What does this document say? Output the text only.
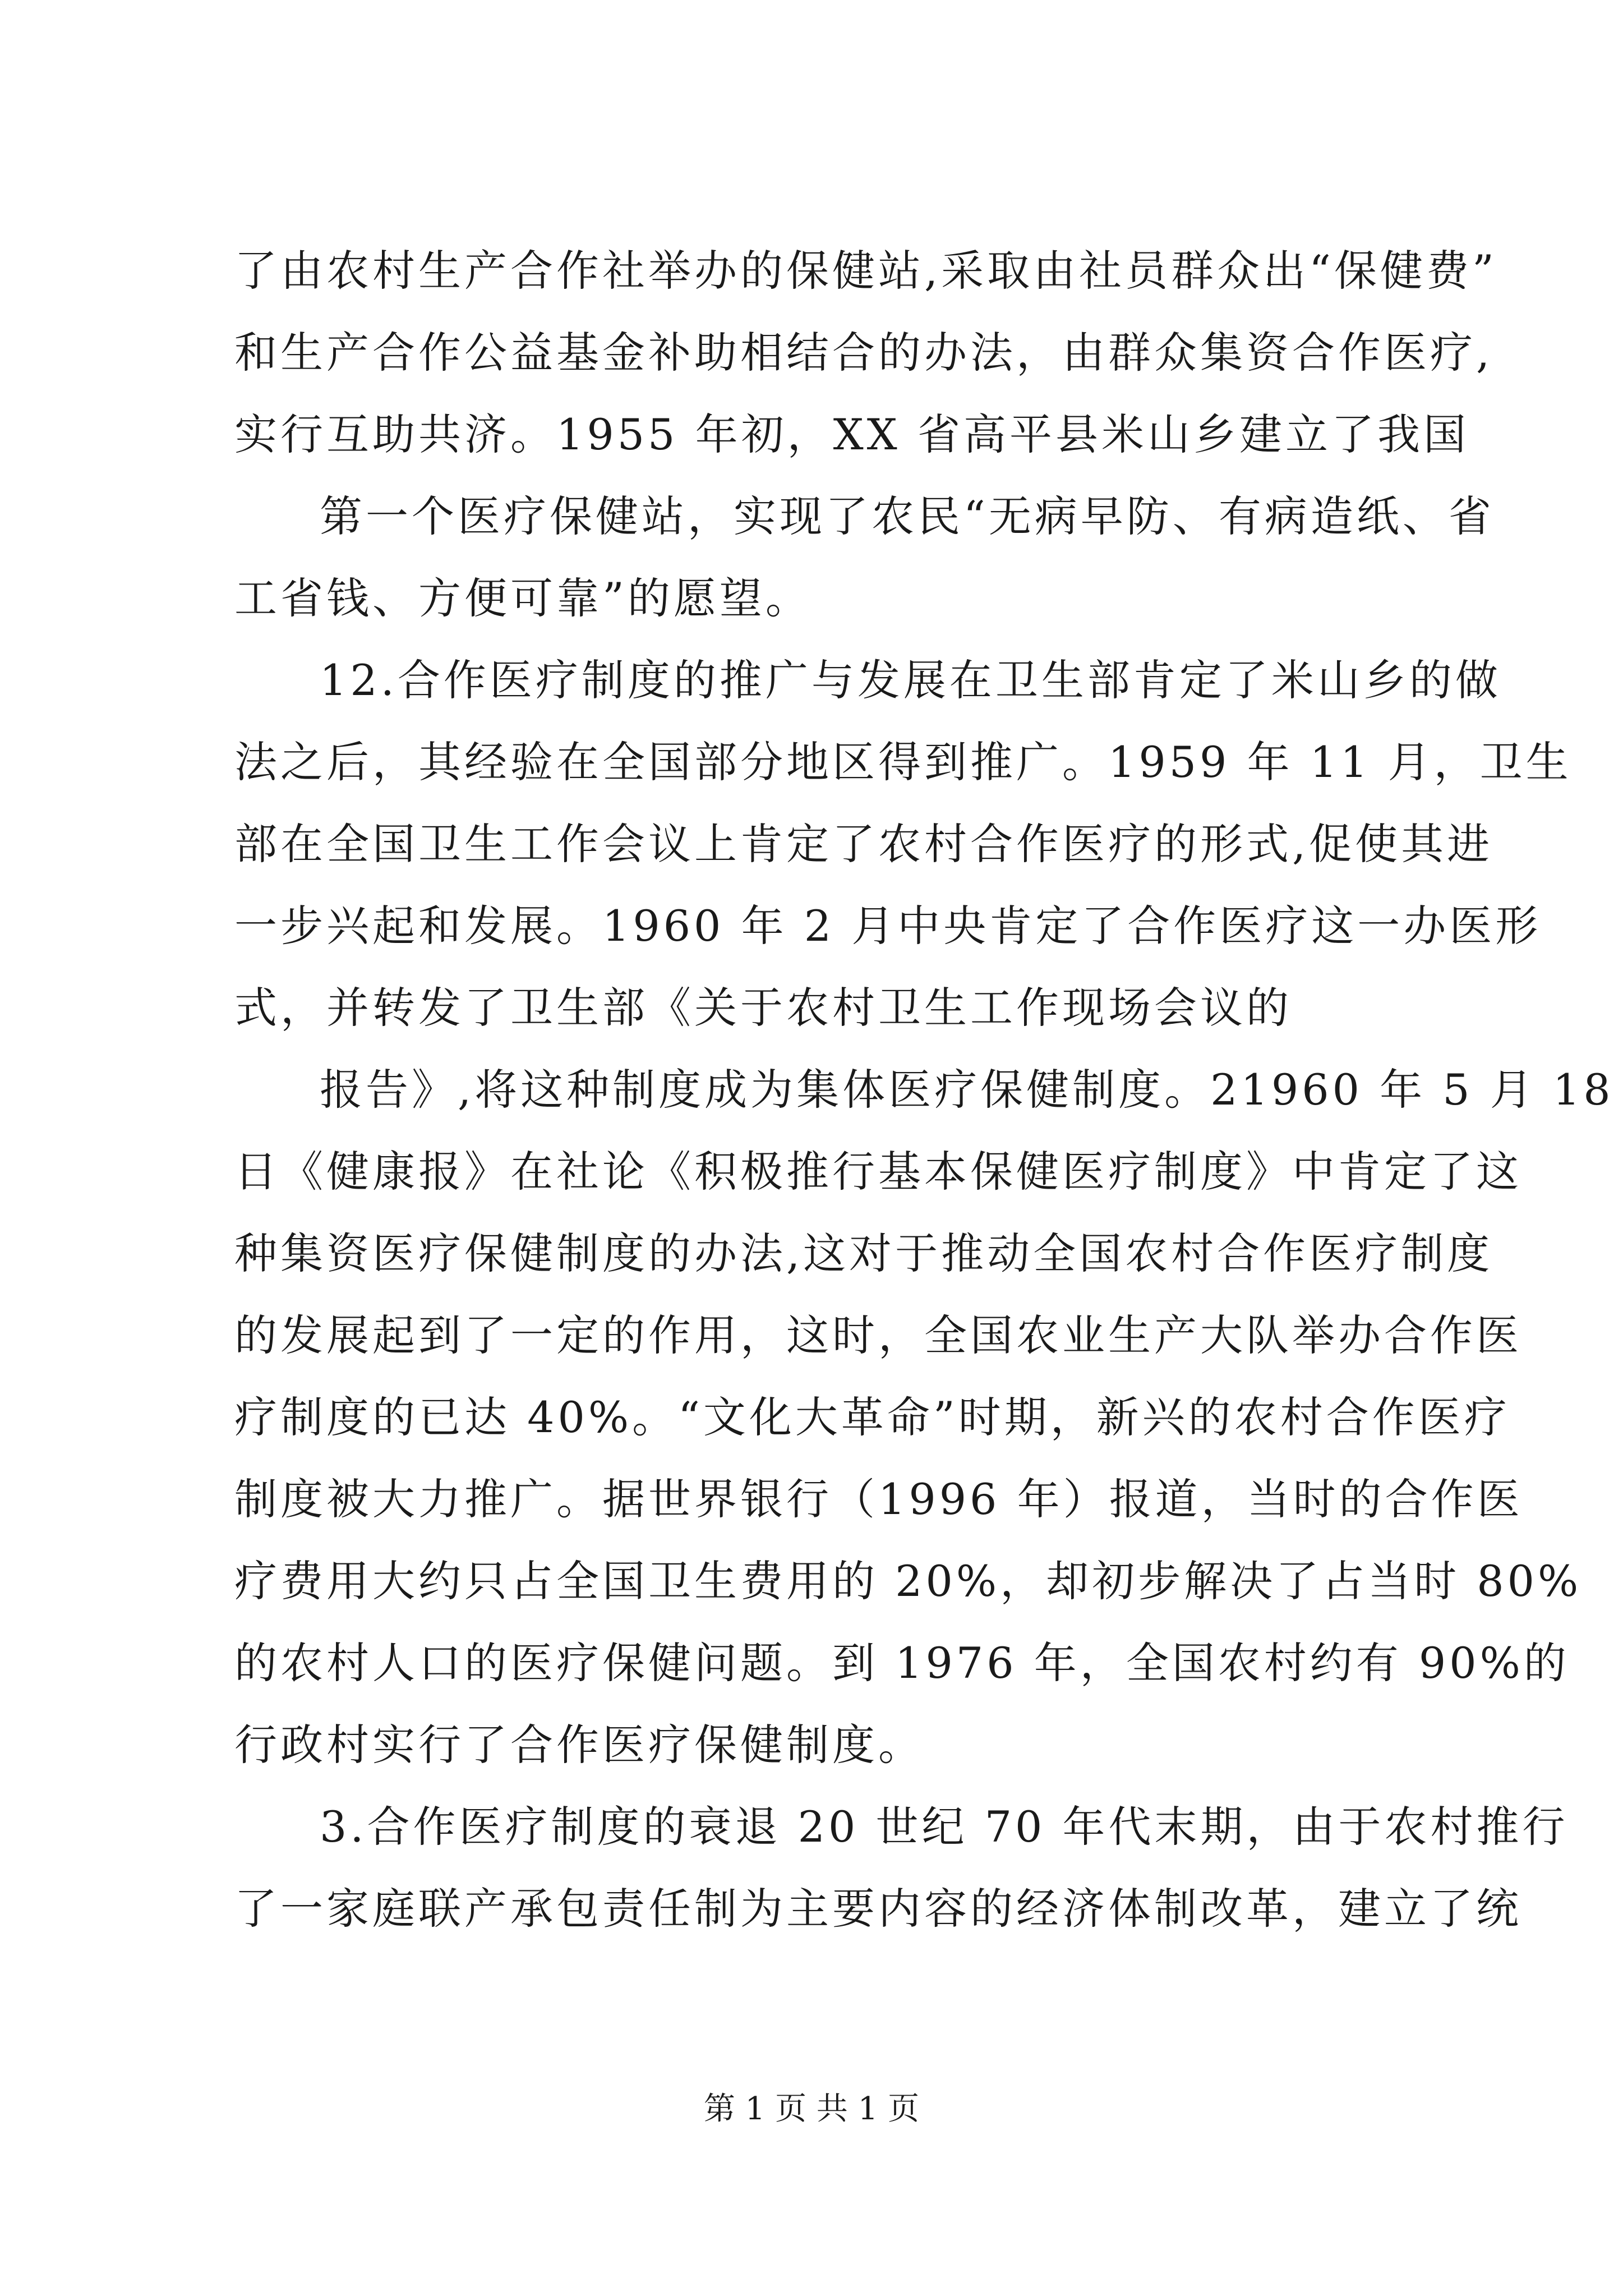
了由农村生产合作社举办的保健站,采取由社员群众出“保健费”
和生产合作公益基金补助相结合的办法，由群众集资合作医疗,
实行互助共济。1955 年初，XX 省高平县米山乡建立了我国
第一个医疗保健站，实现了农民“无病早防、有病造纸、省
工省钱、方便可靠”的愿望。
12.合作医疗制度的推广与发展在卫生部肯定了米山乡的做
法之后，其经验在全国部分地区得到推广。1959 年 11 月，卫生
部在全国卫生工作会议上肯定了农村合作医疗的形式,促使其进
一步兴起和发展。1960 年 2 月中央肯定了合作医疗这一办医形
式，并转发了卫生部《关于农村卫生工作现场会议的
报告》,将这种制度成为集体医疗保健制度。21960 年 5 月 18
日《健康报》在社论《积极推行基本保健医疗制度》中肯定了这
种集资医疗保健制度的办法,这对于推动全国农村合作医疗制度
的发展起到了一定的作用，这时，全国农业生产大队举办合作医
疗制度的已达 40%。“文化大革命”时期，新兴的农村合作医疗
制度被大力推广。据世界银行（1996 年）报道，当时的合作医
疗费用大约只占全国卫生费用的 20%，却初步解决了占当时 80%
的农村人口的医疗保健问题。到 1976 年，全国农村约有 90%的
行政村实行了合作医疗保健制度。
3.合作医疗制度的衰退 20 世纪 70 年代末期，由于农村推行
了一家庭联产承包责任制为主要内容的经济体制改革，建立了统
第 1 页 共 1 页
